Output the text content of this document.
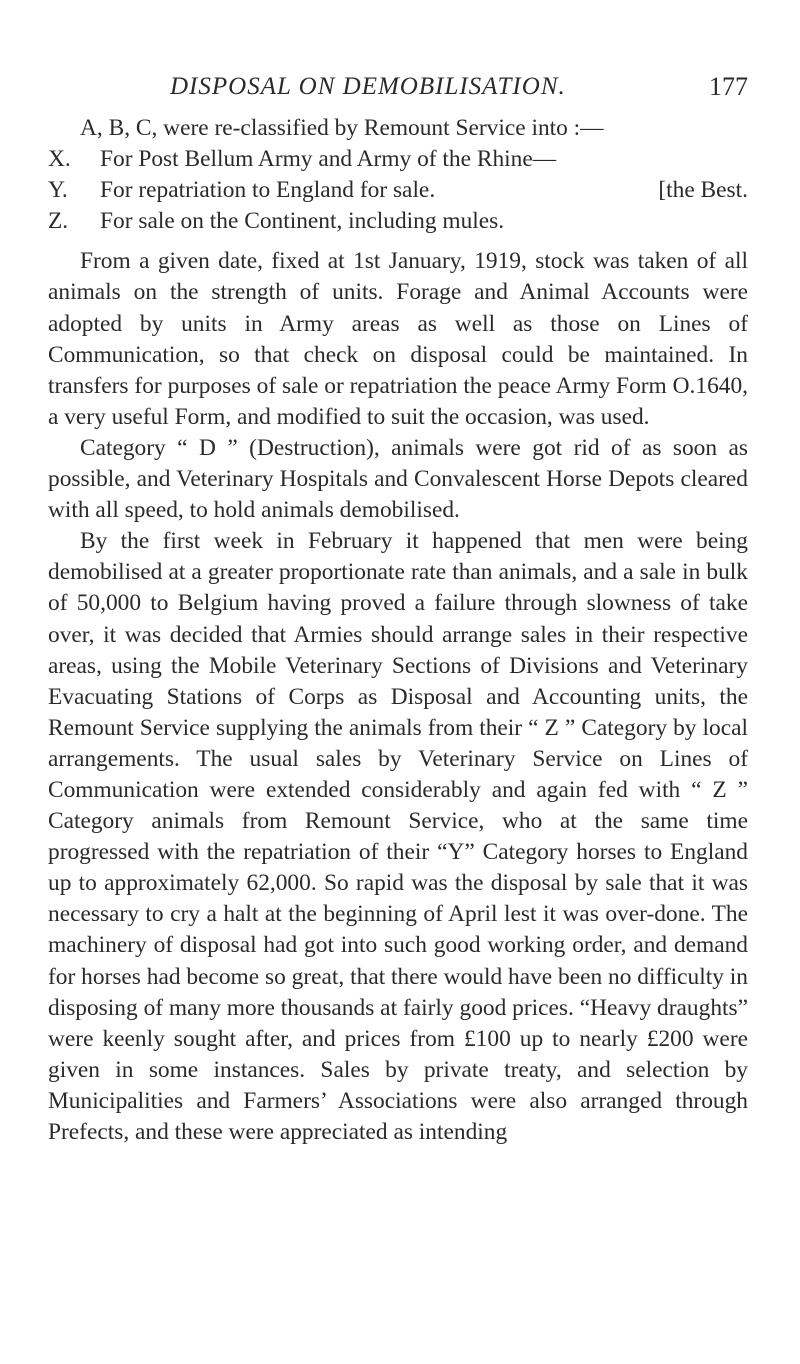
DISPOSAL ON DEMOBILISATION.	177
A, B, C, were re-classified by Remount Service into :—
X. For Post Bellum Army and Army of the Rhine—
Y. For repatriation to England for sale.	[the Best.
Z. For sale on the Continent, including mules.

From a given date, fixed at 1st January, 1919, stock was taken of all animals on the strength of units. Forage and Animal Accounts were adopted by units in Army areas as well as those on Lines of Communication, so that check on disposal could be maintained. In transfers for purposes of sale or repatriation the peace Army Form O.1640, a very useful Form, and modified to suit the occasion, was used.

Category “ D ” (Destruction), animals were got rid of as soon as possible, and Veterinary Hospitals and Convalescent Horse Depots cleared with all speed, to hold animals demobilised.

By the first week in February it happened that men were being demobilised at a greater proportionate rate than animals, and a sale in bulk of 50,000 to Belgium having proved a failure through slowness of take over, it was decided that Armies should arrange sales in their respective areas, using the Mobile Veterinary Sections of Divisions and Veterinary Evacuating Stations of Corps as Disposal and Accounting units, the Remount Service supplying the animals from their “ Z ” Category by local arrangements. The usual sales by Veterinary Service on Lines of Communication were extended considerably and again fed with “ Z ” Category animals from Remount Service, who at the same time progressed with the repatriation of their “Y” Category horses to England up to approximately 62,000. So rapid was the disposal by sale that it was necessary to cry a halt at the beginning of April lest it was over-done. The machinery of disposal had got into such good working order, and demand for horses had become so great, that there would have been no difficulty in disposing of many more thousands at fairly good prices. “Heavy draughts” were keenly sought after, and prices from £100 up to nearly £200 were given in some instances. Sales by private treaty, and selection by Municipalities and Farmers’ Associations were also arranged through Prefects, and these were appreciated as intending
